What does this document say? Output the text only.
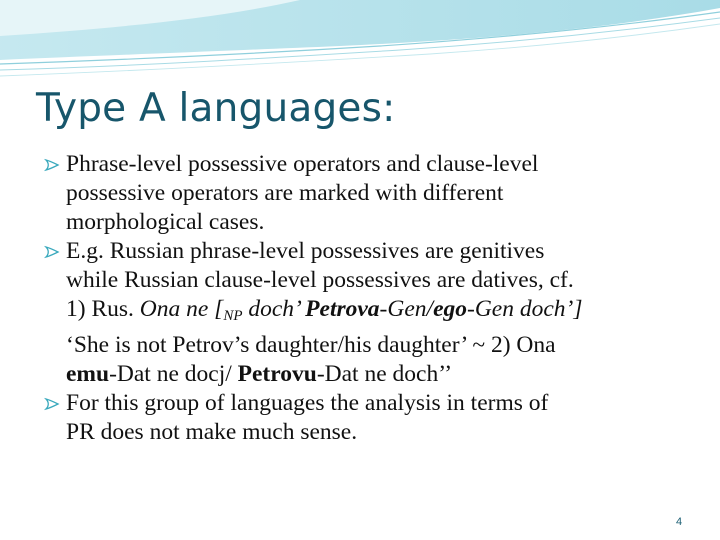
Type A languages:
Phrase-level possessive operators and clause-level
possessive operators are marked with different
morphological cases.
E.g. Russian phrase-level possessives are genitives
while Russian clause-level possessives are datives, cf.
1) Rus. Ona ne [$_{NP}$ doch’ Petrova-Gen/ego-Gen doch’]
‘She is not Petrov’s daughter/his daughter’ ~ 2) Ona
emu-Dat ne docj/ Petrovu-Dat ne doch’’
For this group of languages the analysis in terms of
PR does not make much sense.
4
